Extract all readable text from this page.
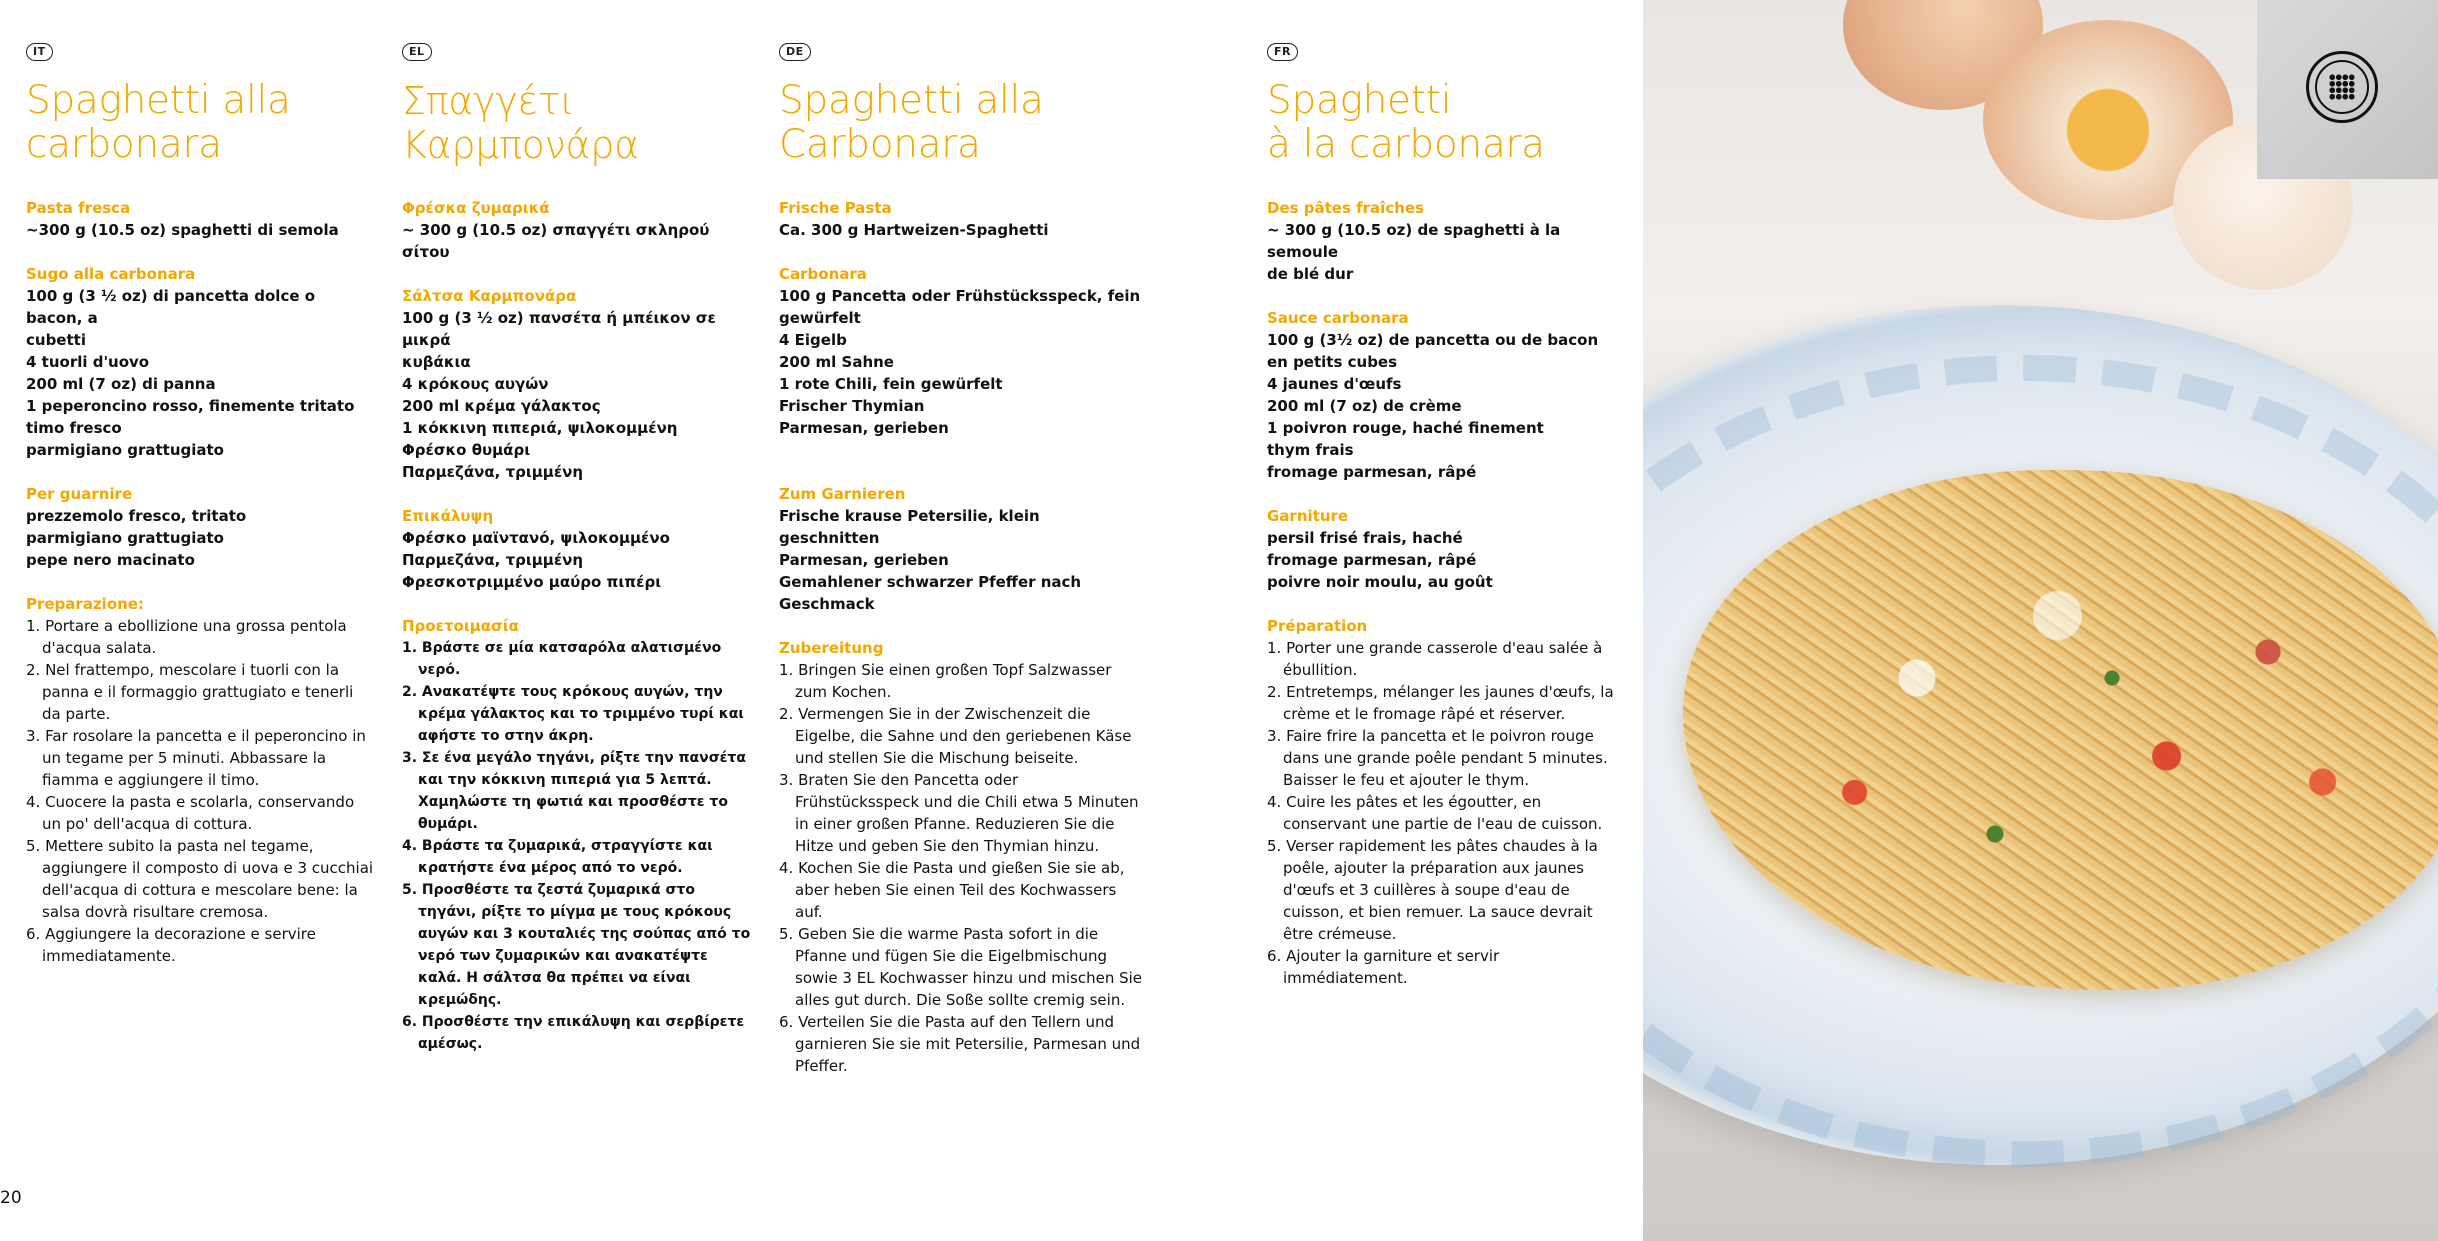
IT
Spaghetti alla
carbonara
Pasta fresca
~300 g (10.5 oz) spaghetti di semola
Sugo alla carbonara
100 g (3 ½ oz) di pancetta dolce o bacon, a
cubetti
4 tuorli d'uovo
200 ml (7 oz) di panna
1 peperoncino rosso, finemente tritato
timo fresco
parmigiano grattugiato
Per guarnire
prezzemolo fresco, tritato
parmigiano grattugiato
pepe nero macinato
Preparazione:
1. Portare a ebollizione una grossa pentola d'acqua salata.
2. Nel frattempo, mescolare i tuorli con la panna e il formaggio grattugiato e tenerli da parte.
3. Far rosolare la pancetta e il peperoncino in un tegame per 5 minuti. Abbassare la fiamma e aggiungere il timo.
4. Cuocere la pasta e scolarla, conservando un po' dell'acqua di cottura.
5. Mettere subito la pasta nel tegame, aggiungere il composto di uova e 3 cucchiai dell'acqua di cottura e mescolare bene: la salsa dovrà risultare cremosa.
6. Aggiungere la decorazione e servire immediatamente.
EL
Σπαγγέτι
Καρμπονάρα
Φρέσκα ζυμαρικά
~ 300 g (10.5 oz) σπαγγέτι σκληρού σίτου
Σάλτσα Καρμπονάρα
100 g (3 ½ oz) πανσέτα ή μπέικον σε μικρά
κυβάκια
4 κρόκους αυγών
200 ml κρέμα γάλακτος
1 κόκκινη πιπεριά, ψιλοκομμένη
Φρέσκο θυμάρι
Παρμεζάνα, τριμμένη
Επικάλυψη
Φρέσκο μαϊντανό, ψιλοκομμένο
Παρμεζάνα, τριμμένη
Φρεσκοτριμμένο μαύρο πιπέρι
Προετοιμασία
1. Βράστε σε μία κατσαρόλα αλατισμένο νερό.
2. Ανακατέψτε τους κρόκους αυγών, την κρέμα γάλακτος και το τριμμένο τυρί και αφήστε το στην άκρη.
3. Σε ένα μεγάλο τηγάνι, ρίξτε την πανσέτα και την κόκκινη πιπεριά για 5 λεπτά. Χαμηλώστε τη φωτιά και προσθέστε το θυμάρι.
4. Βράστε τα ζυμαρικά, στραγγίστε και κρατήστε ένα μέρος από το νερό.
5. Προσθέστε τα ζεστά ζυμαρικά στο τηγάνι, ρίξτε το μίγμα με τους κρόκους αυγών και 3 κουταλιές της σούπας από το νερό των ζυμαρικών και ανακατέψτε καλά. Η σάλτσα θα πρέπει να είναι κρεμώδης.
6. Προσθέστε την επικάλυψη και σερβίρετε αμέσως.
DE
Spaghetti alla
Carbonara
Frische Pasta
Ca. 300 g Hartweizen-Spaghetti
Carbonara
100 g Pancetta oder Frühstücksspeck, fein
gewürfelt
4 Eigelb
200 ml Sahne
1 rote Chili, fein gewürfelt
Frischer Thymian
Parmesan, gerieben
Zum Garnieren
Frische krause Petersilie, klein geschnitten
Parmesan, gerieben
Gemahlener schwarzer Pfeffer nach
Geschmack
Zubereitung
1. Bringen Sie einen großen Topf Salzwasser zum Kochen.
2. Vermengen Sie in der Zwischenzeit die Eigelbe, die Sahne und den geriebenen Käse und stellen Sie die Mischung beiseite.
3. Braten Sie den Pancetta oder Frühstücksspeck und die Chili etwa 5 Minuten in einer großen Pfanne. Reduzieren Sie die Hitze und geben Sie den Thymian hinzu.
4. Kochen Sie die Pasta und gießen Sie sie ab, aber heben Sie einen Teil des Kochwassers auf.
5. Geben Sie die warme Pasta sofort in die Pfanne und fügen Sie die Eigelbmischung sowie 3 EL Kochwasser hinzu und mischen Sie alles gut durch. Die Soße sollte cremig sein.
6. Verteilen Sie die Pasta auf den Tellern und garnieren Sie sie mit Petersilie, Parmesan und Pfeffer.
FR
Spaghetti
à la carbonara
Des pâtes fraîches
~ 300 g (10.5 oz) de spaghetti à la semoule
de blé dur
Sauce carbonara
100 g (3½ oz) de pancetta ou de bacon
en petits cubes
4 jaunes d'œufs
200 ml (7 oz) de crème
1 poivron rouge, haché finement
thym frais
fromage parmesan, râpé
Garniture
persil frisé frais, haché
fromage parmesan, râpé
poivre noir moulu, au goût
Préparation
1. Porter une grande casserole d'eau salée à ébullition.
2. Entretemps, mélanger les jaunes d'œufs, la crème et le fromage râpé et réserver.
3. Faire frire la pancetta et le poivron rouge dans une grande poêle pendant 5 minutes. Baisser le feu et ajouter le thym.
4. Cuire les pâtes et les égoutter, en conservant une partie de l'eau de cuisson.
5. Verser rapidement les pâtes chaudes à la poêle, ajouter la préparation aux jaunes d'œufs et 3 cuillères à soupe d'eau de cuisson, et bien remuer. La sauce devrait être crémeuse.
6. Ajouter la garniture et servir immédiatement.
20
